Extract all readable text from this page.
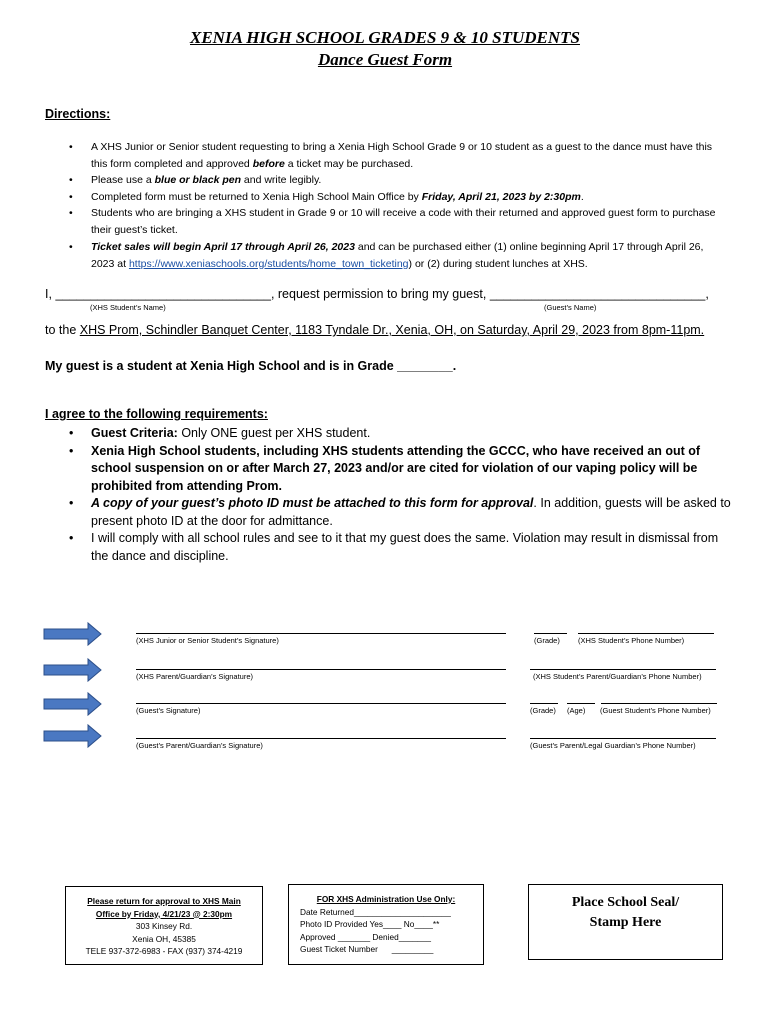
XENIA HIGH SCHOOL GRADES 9 & 10 STUDENTS
Dance Guest Form
Directions:
• A XHS Junior or Senior student requesting to bring a Xenia High School Grade 9 or 10 student as a guest to the dance must have this this form completed and approved before a ticket may be purchased.
• Please use a blue or black pen and write legibly.
• Completed form must be returned to Xenia High School Main Office by Friday, April 21, 2023 by 2:30pm.
• Students who are bringing a XHS student in Grade 9 or 10 will receive a code with their returned and approved guest form to purchase their guest’s ticket.
• Ticket sales will begin April 17 through April 26, 2023 and can be purchased either (1) online beginning April 17 through April 26, 2023 at https://www.xeniaschools.org/students/home_town_ticketing) or (2) during student lunches at XHS.
I, _______________________________, request permission to bring my guest, _______________________________,
(XHS Student’s Name)	(Guest’s Name)
to the XHS Prom, Schindler Banquet Center, 1183 Tyndale Dr., Xenia, OH, on Saturday, April 29, 2023 from 8pm-11pm.
My guest is a student at Xenia High School and is in Grade ________.
I agree to the following requirements:
• Guest Criteria: Only ONE guest per XHS student.
• Xenia High School students, including XHS students attending the GCCC, who have received an out of school suspension on or after March 27, 2023 and/or are cited for violation of our vaping policy will be prohibited from attending Prom.
• A copy of your guest’s photo ID must be attached to this form for approval. In addition, guests will be asked to present photo ID at the door for admittance.
• I will comply with all school rules and see to it that my guest does the same. Violation may result in dismissal from the dance and discipline.
(XHS Junior or Senior Student’s Signature)	(Grade) (XHS Student’s Phone Number)
(XHS Parent/Guardian’s Signature)	(XHS Student’s Parent/Guardian’s Phone Number)
(Guest’s Signature)	(Grade) (Age) (Guest Student’s Phone Number)
(Guest’s Parent/Guardian’s Signature)	(Guest’s Parent/Legal Guardian’s Phone Number)
Please return for approval to XHS Main
Office by Friday, 4/21/23 @ 2:30pm
303 Kinsey Rd.
Xenia OH, 45385
TELE 937-372-6983 - FAX (937) 374-4219
FOR XHS Administration Use Only:
Date Returned_____________________
Photo ID Provided Yes____ No____**
Approved _______ Denied_______
Guest Ticket Number _________
Place School Seal/
Stamp Here
